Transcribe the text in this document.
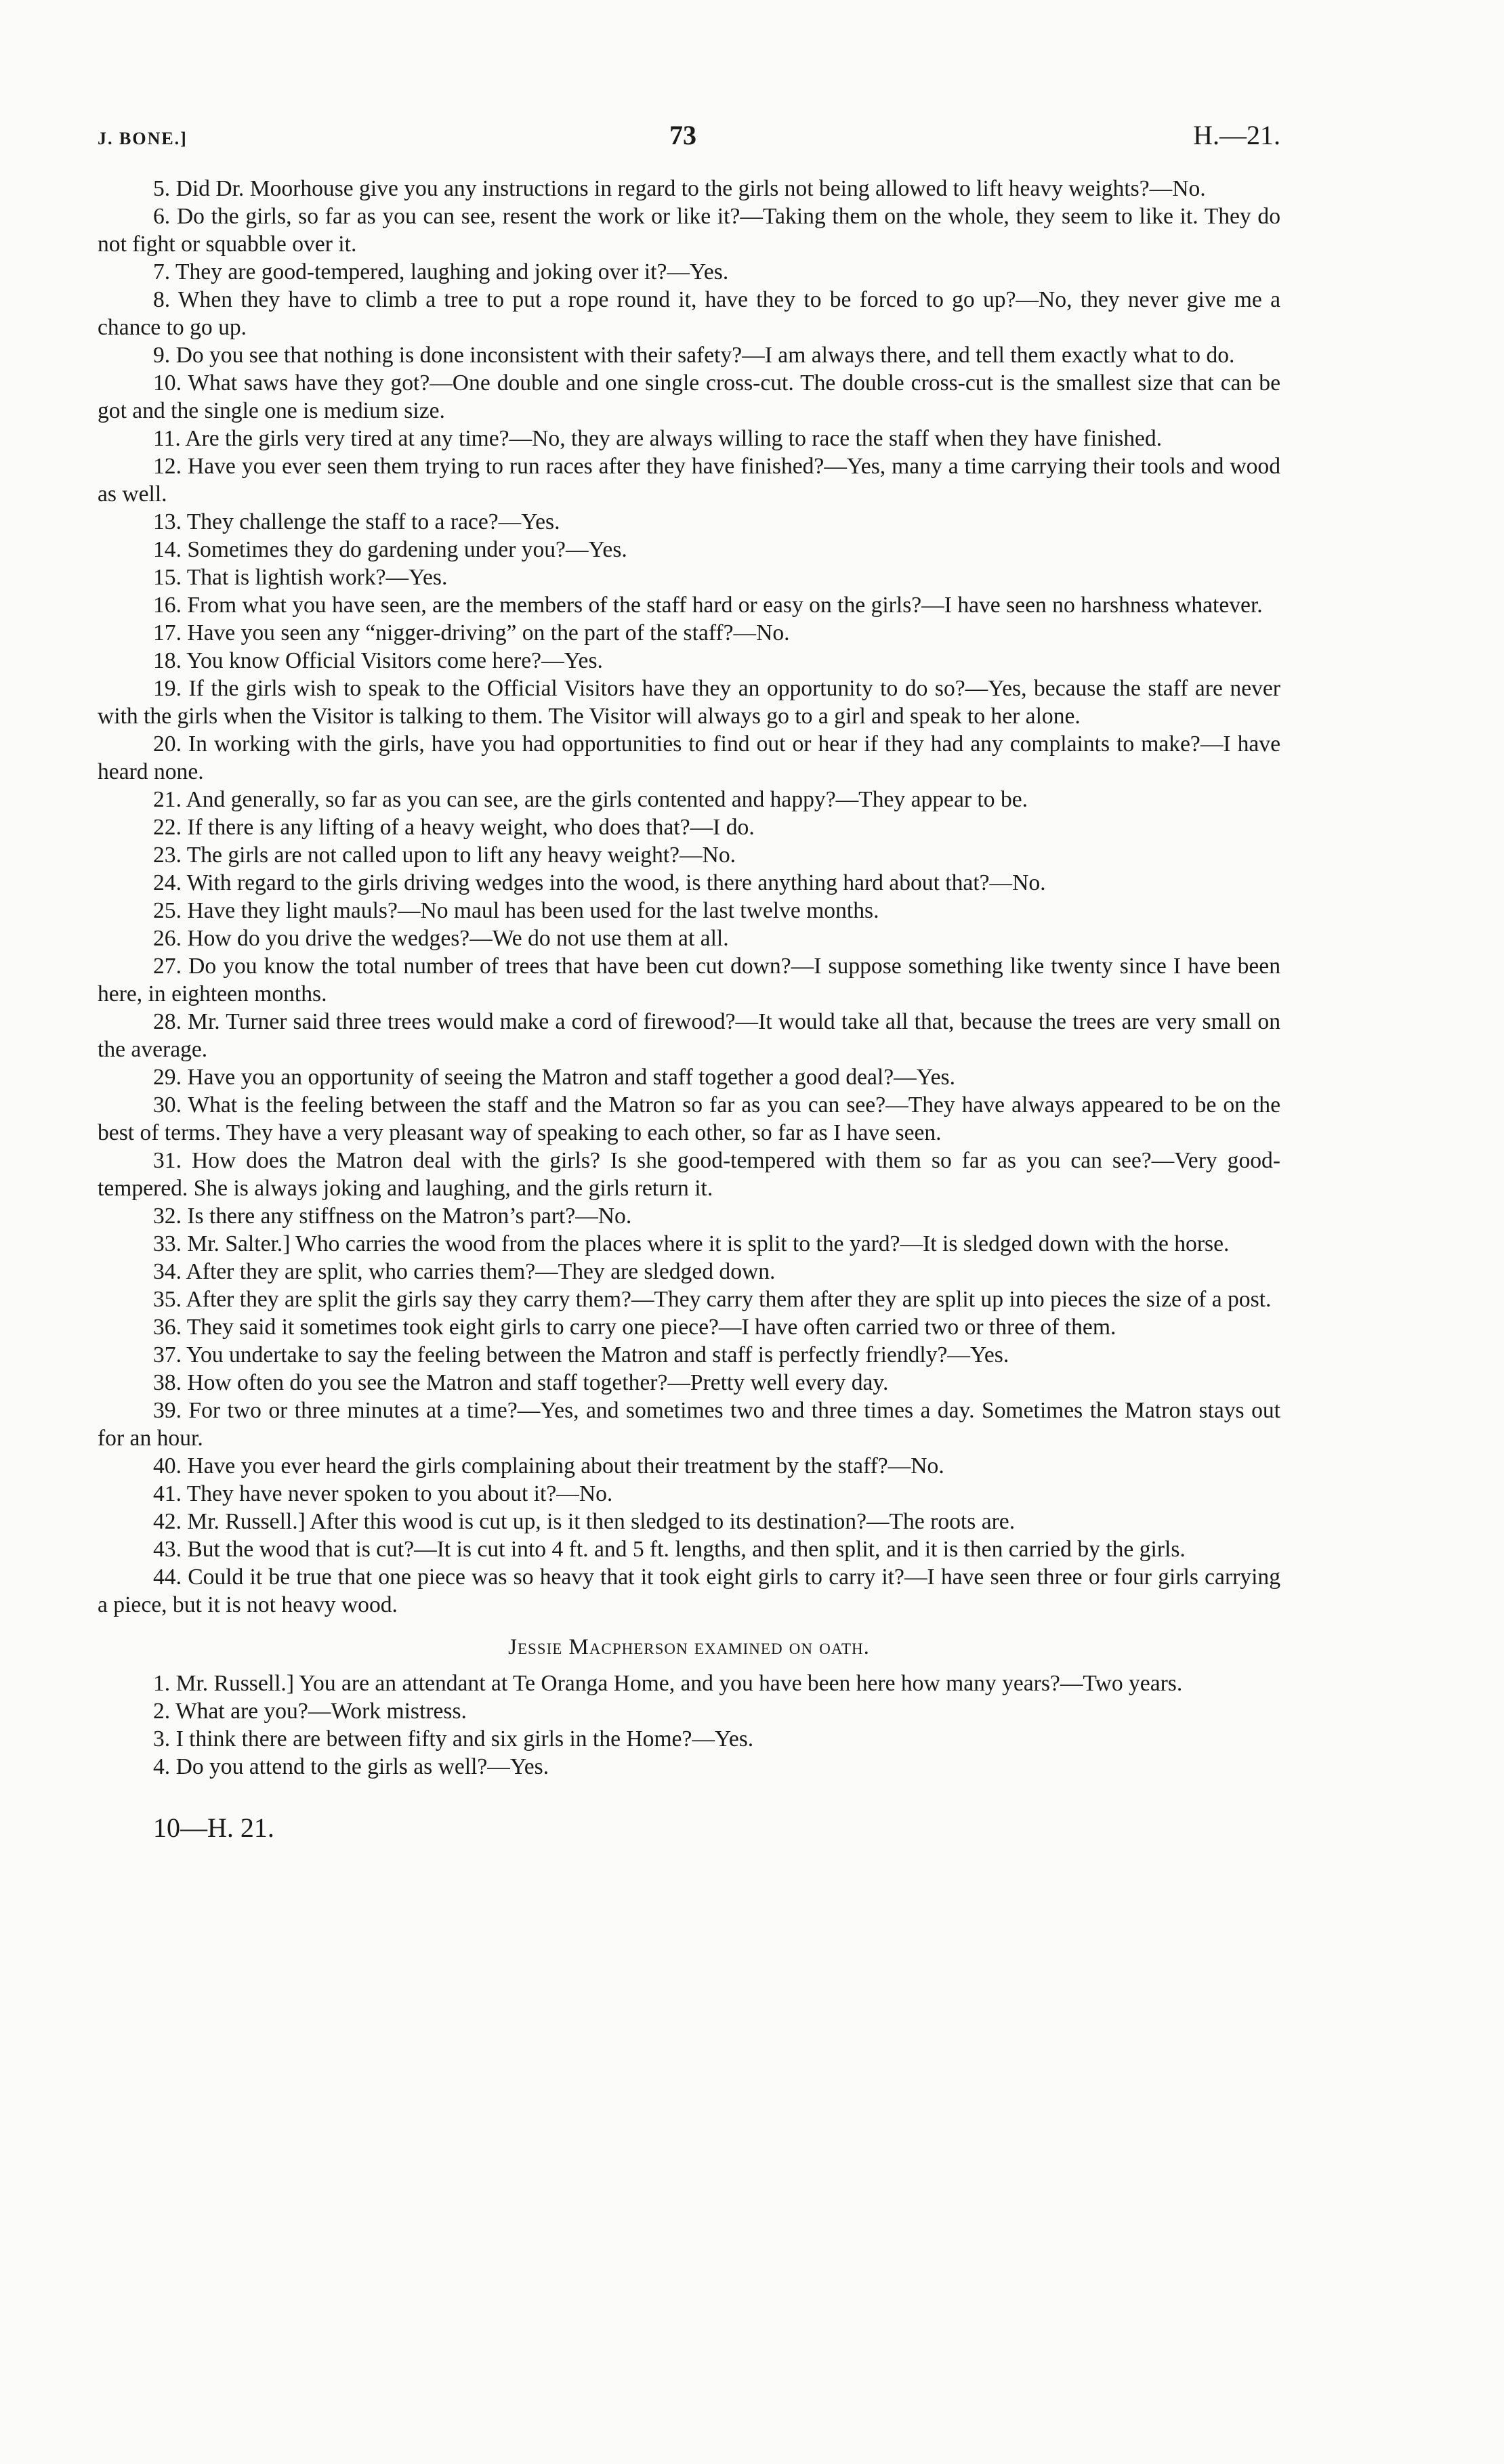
J. BONE.]	73	H.—21.

5. Did Dr. Moorhouse give you any instructions in regard to the girls not being allowed to lift heavy weights?—No.

6. Do the girls, so far as you can see, resent the work or like it?—Taking them on the whole, they seem to like it. They do not fight or squabble over it.

7. They are good-tempered, laughing and joking over it?—Yes.

8. When they have to climb a tree to put a rope round it, have they to be forced to go up?—No, they never give me a chance to go up.

9. Do you see that nothing is done inconsistent with their safety?—I am always there, and tell them exactly what to do.

10. What saws have they got?—One double and one single cross-cut. The double cross-cut is the smallest size that can be got and the single one is medium size.

11. Are the girls very tired at any time?—No, they are always willing to race the staff when they have finished.

12. Have you ever seen them trying to run races after they have finished?—Yes, many a time carrying their tools and wood as well.

13. They challenge the staff to a race?—Yes.

14. Sometimes they do gardening under you?—Yes.

15. That is lightish work?—Yes.

16. From what you have seen, are the members of the staff hard or easy on the girls?—I have seen no harshness whatever.

17. Have you seen any “nigger-driving” on the part of the staff?—No.

18. You know Official Visitors come here?—Yes.

19. If the girls wish to speak to the Official Visitors have they an opportunity to do so?—Yes, because the staff are never with the girls when the Visitor is talking to them. The Visitor will always go to a girl and speak to her alone.

20. In working with the girls, have you had opportunities to find out or hear if they had any complaints to make?—I have heard none.

21. And generally, so far as you can see, are the girls contented and happy?—They appear to be.

22. If there is any lifting of a heavy weight, who does that?—I do.

23. The girls are not called upon to lift any heavy weight?—No.

24. With regard to the girls driving wedges into the wood, is there anything hard about that?—No.

25. Have they light mauls?—No maul has been used for the last twelve months.

26. How do you drive the wedges?—We do not use them at all.

27. Do you know the total number of trees that have been cut down?—I suppose something like twenty since I have been here, in eighteen months.

28. Mr. Turner said three trees would make a cord of firewood?—It would take all that, because the trees are very small on the average.

29. Have you an opportunity of seeing the Matron and staff together a good deal?—Yes.

30. What is the feeling between the staff and the Matron so far as you can see?—They have always appeared to be on the best of terms. They have a very pleasant way of speaking to each other, so far as I have seen.

31. How does the Matron deal with the girls? Is she good-tempered with them so far as you can see?—Very good-tempered. She is always joking and laughing, and the girls return it.

32. Is there any stiffness on the Matron’s part?—No.

33. Mr. Salter.] Who carries the wood from the places where it is split to the yard?—It is sledged down with the horse.

34. After they are split, who carries them?—They are sledged down.

35. After they are split the girls say they carry them?—They carry them after they are split up into pieces the size of a post.

36. They said it sometimes took eight girls to carry one piece?—I have often carried two or three of them.

37. You undertake to say the feeling between the Matron and staff is perfectly friendly?—Yes.

38. How often do you see the Matron and staff together?—Pretty well every day.

39. For two or three minutes at a time?—Yes, and sometimes two and three times a day. Sometimes the Matron stays out for an hour.

40. Have you ever heard the girls complaining about their treatment by the staff?—No.

41. They have never spoken to you about it?—No.

42. Mr. Russell.] After this wood is cut up, is it then sledged to its destination?—The roots are.

43. But the wood that is cut?—It is cut into 4 ft. and 5 ft. lengths, and then split, and it is then carried by the girls.

44. Could it be true that one piece was so heavy that it took eight girls to carry it?—I have seen three or four girls carrying a piece, but it is not heavy wood.

Jessie Macpherson examined on oath.

1. Mr. Russell.] You are an attendant at Te Oranga Home, and you have been here how many years?—Two years.

2. What are you?—Work mistress.

3. I think there are between fifty and six girls in the Home?—Yes.

4. Do you attend to the girls as well?—Yes.

10—H. 21.
